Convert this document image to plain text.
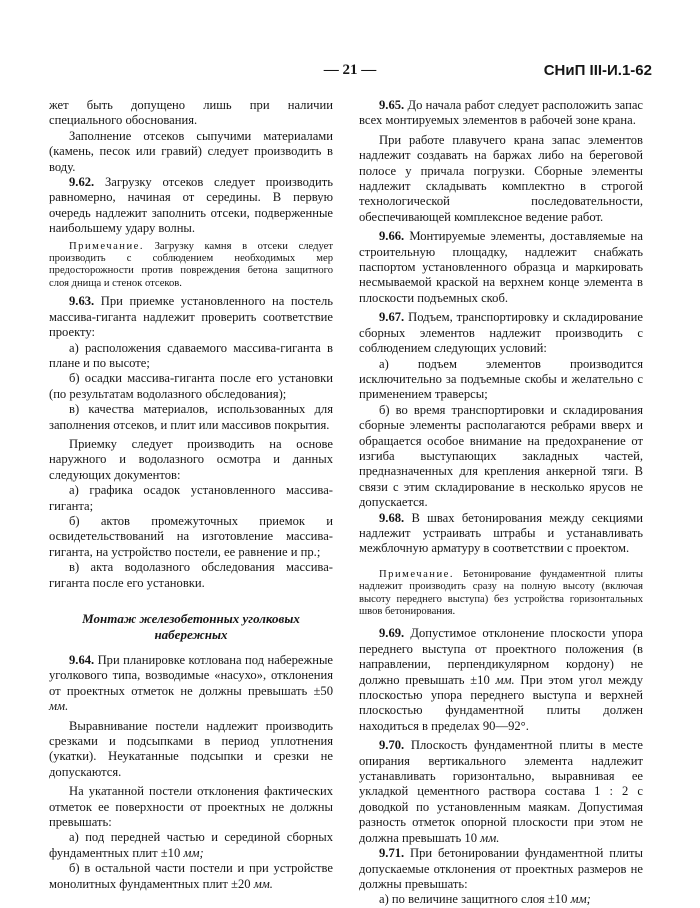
— 21 —	СНиП III-И.1-62

жет быть допущено лишь при наличии специального обоснования.

Заполнение отсеков сыпучими материалами (камень, песок или гравий) следует производить в воду.

9.62. Загрузку отсеков следует производить равномерно, начиная от середины. В первую очередь надлежит заполнить отсеки, подверженные наибольшему удару волны.

Примечание. Загрузку камня в отсеки следует производить с соблюдением необходимых мер предосторожности против повреждения бетона защитного слоя днища и стенок отсеков.

9.63. При приемке установленного на постель массива-гиганта надлежит проверить соответствие проекту:

а) расположения сдаваемого массива-гиганта в плане и по высоте;

б) осадки массива-гиганта после его установки (по результатам водолазного обследования);

в) качества материалов, использованных для заполнения отсеков, и плит или массивов покрытия.

Приемку следует производить на основе наружного и водолазного осмотра и данных следующих документов:

а) графика осадок установленного массива-гиганта;

б) актов промежуточных приемок и освидетельствований на изготовление массива-гиганта, на устройство постели, ее равнение и пр.;

в) акта водолазного обследования массива-гиганта после его установки.

Монтаж железобетонных уголковых набережных

9.64. При планировке котлована под набережные уголкового типа, возводимые «насухо», отклонения от проектных отметок не должны превышать ±50 мм.

Выравнивание постели надлежит производить срезками и подсыпками в период уплотнения (укатки). Неукатанные подсыпки и срезки не допускаются.

На укатанной постели отклонения фактических отметок ее поверхности от проектных не должны превышать:

а) под передней частью и серединой сборных фундаментных плит ±10 мм;

б) в остальной части постели и при устройстве монолитных фундаментных плит ±20 мм.

9.65. До начала работ следует расположить запас всех монтируемых элементов в рабочей зоне крана.

При работе плавучего крана запас элементов надлежит создавать на баржах либо на береговой полосе у причала погрузки. Сборные элементы надлежит складывать комплектно в строгой технологической последовательности, обеспечивающей комплексное ведение работ.

9.66. Монтируемые элементы, доставляемые на строительную площадку, надлежит снабжать паспортом установленного образца и маркировать несмываемой краской на верхнем конце элемента в плоскости подъемных скоб.

9.67. Подъем, транспортировку и складирование сборных элементов надлежит производить с соблюдением следующих условий:

а) подъем элементов производится исключительно за подъемные скобы и желательно с применением траверсы;

б) во время транспортировки и складирования сборные элементы располагаются ребрами вверх и обращается особое внимание на предохранение от изгиба выступающих закладных частей, предназначенных для крепления анкерной тяги. В связи с этим складирование в несколько ярусов не допускается.

9.68. В швах бетонирования между секциями надлежит устраивать штрабы и устанавливать межблочную арматуру в соответствии с проектом.

Примечание. Бетонирование фундаментной плиты надлежит производить сразу на полную высоту (включая высоту переднего выступа) без устройства горизонтальных швов бетонирования.

9.69. Допустимое отклонение плоскости упора переднего выступа от проектного положения (в направлении, перпендикулярном кордону) не должно превышать ±10 мм. При этом угол между плоскостью упора переднего выступа и верхней плоскостью фундаментной плиты должен находиться в пределах 90—92°.

9.70. Плоскость фундаментной плиты в месте опирания вертикального элемента надлежит устанавливать горизонтально, выравнивая ее укладкой цементного раствора состава 1 : 2 с доводкой по установленным маякам. Допустимая разность отметок опорной плоскости при этом не должна превышать 10 мм.

9.71. При бетонировании фундаментной плиты допускаемые отклонения от проектных размеров не должны превышать:

а) по величине защитного слоя ±10 мм;
